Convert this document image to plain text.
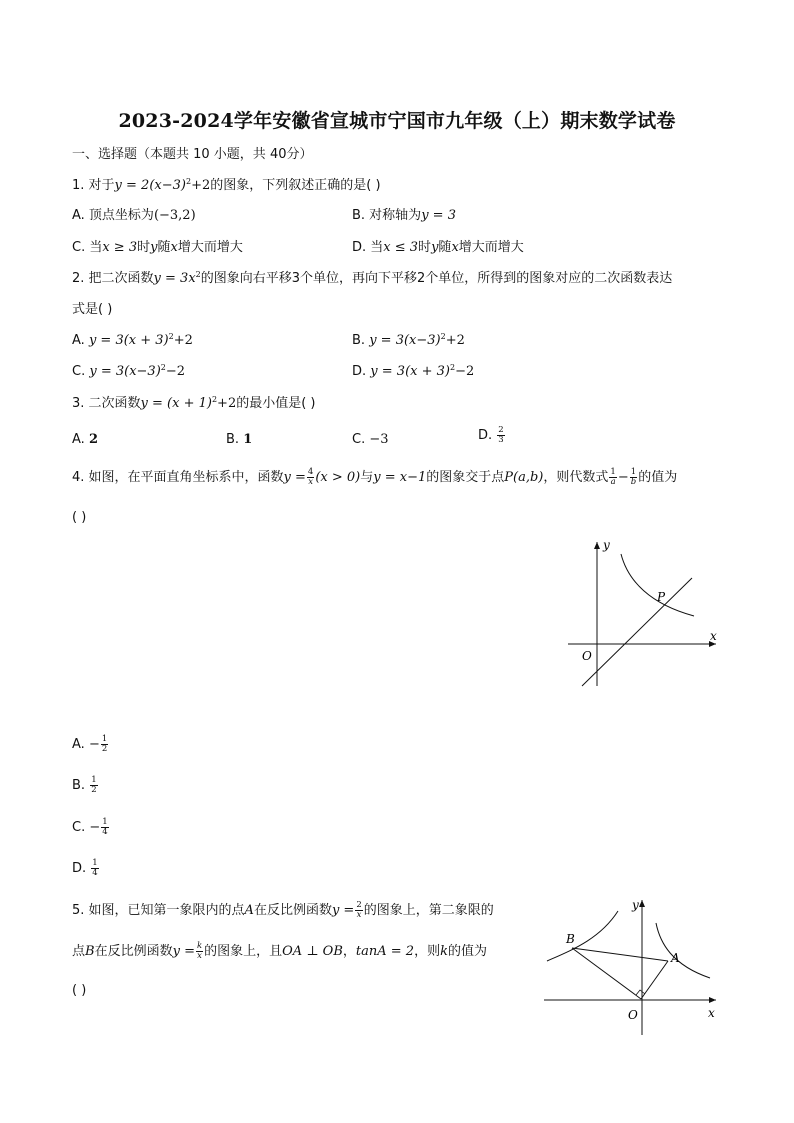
2023-2024学年安徽省宣城市宁国市九年级（上）期末数学试卷
一、选择题（本题共 10 小题，共 40分）
1. 对于$y = 2(x-3)^2+2$的图象，下列叙述正确的是( )
A. 顶点坐标为(−3,2)	B. 对称轴为y = 3
C. 当x ≥ 3时y随x增大而增大	D. 当x ≤ 3时y随x增大而增大
2. 把二次函数$y = 3x^2$的图象向右平移3个单位，再向下平移2个单位，所得到的图象对应的二次函数表达
式是( )
A. $y = 3(x + 3)^2+2$	B. $y = 3(x-3)^2+2$
C. $y = 3(x-3)^2-2$	D. $y = 3(x + 3)^2-2$
3. 二次函数$y = (x + 1)^2+2$的最小值是( )
A. 2	B. 1	C. −3	D. $\frac{2}{3}$
4. 如图，在平面直角坐标系中，函数$y = \frac{4}{x} (x > 0)$与y = x−1的图象交于点P(a,b)，则代数式 $\frac{1}{a} - \frac{1}{b}$ 的值为
( )
y
x
O
P
A. − $\frac{1}{2}$
B. $\frac{1}{2}$
C. − $\frac{1}{4}$
D. $\frac{1}{4}$
5. 如图，已知第一象限内的点A在反比例函数$y = \frac{2}{x}$ 的图象上，第二象限的
点B在反比例函数$y = \frac{k}{x}$ 的图象上，且OA ⊥ OB，tanA = 2，则k的值为
( )
y
x
O
A
B
